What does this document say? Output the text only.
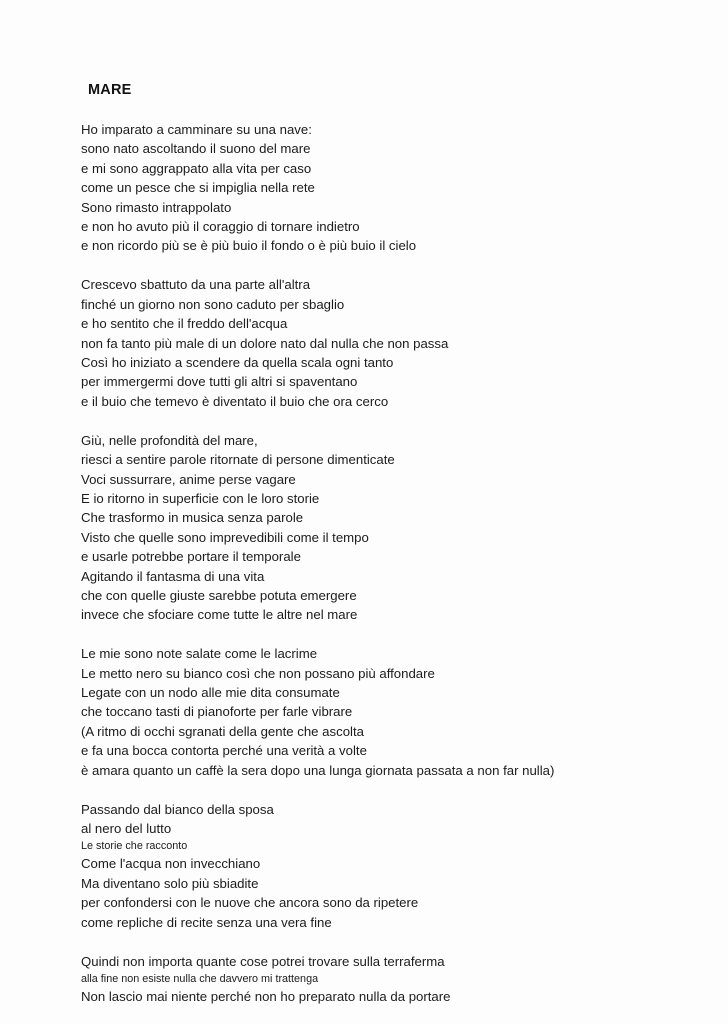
MARE
Ho imparato a camminare su una nave:
sono nato ascoltando il suono del mare
e mi sono aggrappato alla vita per caso
come un pesce che si impiglia nella rete
Sono rimasto intrappolato
e non ho avuto più il coraggio di tornare indietro
e non ricordo più se è più buio il fondo o è più buio il cielo
Crescevo sbattuto da una parte all'altra
finché un giorno non sono caduto per sbaglio
e ho sentito che il freddo dell'acqua
non fa tanto più male di un dolore nato dal nulla che non passa
Così ho iniziato a scendere da quella scala ogni tanto
per immergermi dove tutti gli altri si spaventano
e il buio che temevo è diventato il buio che ora cerco
Giù, nelle profondità del mare,
riesci a sentire parole ritornate di persone dimenticate
Voci sussurrare, anime perse vagare
E io ritorno in superficie con le loro storie
Che trasformo in musica senza parole
Visto che quelle sono imprevedibili come il tempo
e usarle potrebbe portare il temporale
Agitando il fantasma di una vita
che con quelle giuste sarebbe potuta emergere
invece che sfociare come tutte le altre nel mare
Le mie sono note salate come le lacrime
Le metto nero su bianco così che non possano più affondare
Legate con un nodo alle mie dita consumate
che toccano tasti di pianoforte per farle vibrare
(A ritmo di occhi sgranati della gente che ascolta
e fa una bocca contorta perché una verità a volte
è amara quanto un caffè la sera dopo una lunga giornata passata a non far nulla)
Passando dal bianco della sposa
al nero del lutto
Le storie che racconto
Come l'acqua non invecchiano
Ma diventano solo più sbiadite
per confondersi con le nuove che ancora sono da ripetere
come repliche di recite senza una vera fine
Quindi non importa quante cose potrei trovare sulla terraferma
alla fine non esiste nulla che davvero mi trattenga
Non lascio mai niente perché non ho preparato nulla da portare
